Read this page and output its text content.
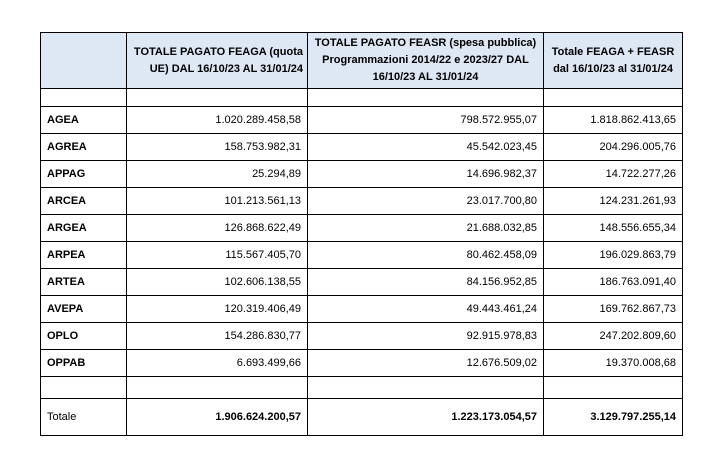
	TOTALE PAGATO FEAGA (quota UE) DAL 16/10/23 AL 31/01/24	TOTALE PAGATO FEASR (spesa pubblica) Programmazioni 2014/22 e 2023/27 DAL 16/10/23 AL 31/01/24	Totale FEAGA + FEASR dal 16/10/23 al 31/01/24

AGEA	1.020.289.458,58	798.572.955,07	1.818.862.413,65
AGREA	158.753.982,31	45.542.023,45	204.296.005,76
APPAG	25.294,89	14.696.982,37	14.722.277,26
ARCEA	101.213.561,13	23.017.700,80	124.231.261,93
ARGEA	126.868.622,49	21.688.032,85	148.556.655,34
ARPEA	115.567.405,70	80.462.458,09	196.029.863,79
ARTEA	102.606.138,55	84.156.952,85	186.763.091,40
AVEPA	120.319.406,49	49.443.461,24	169.762.867,73
OPLO	154.286.830,77	92.915.978,83	247.202.809,60
OPPAB	6.693.499,66	12.676.509,02	19.370.008,68

Totale	1.906.624.200,57	1.223.173.054,57	3.129.797.255,14
